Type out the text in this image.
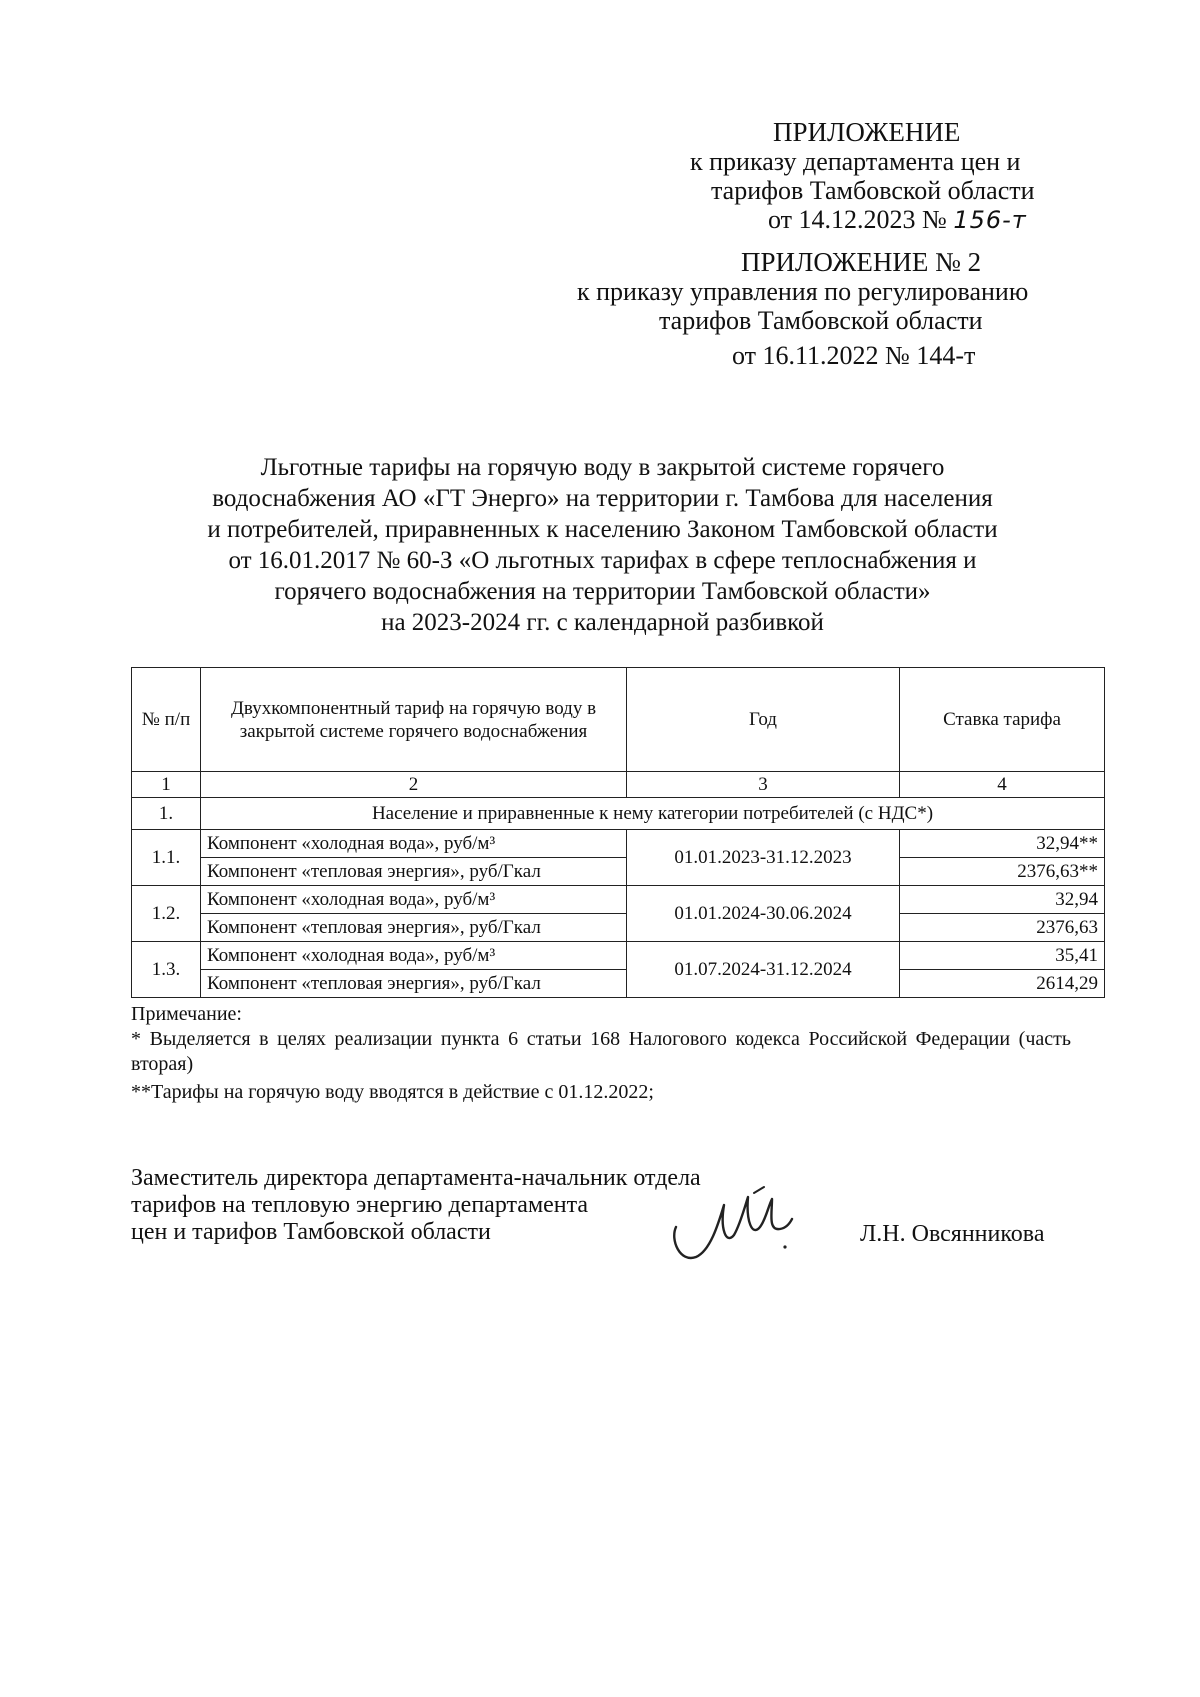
ПРИЛОЖЕНИЕ
к приказу департамента цен и
тарифов Тамбовской области
от 14.12.2023 № 156-т
ПРИЛОЖЕНИЕ № 2
к приказу управления по регулированию
тарифов Тамбовской области
от 16.11.2022 № 144-т
Льготные тарифы на горячую воду в закрытой системе горячего
водоснабжения АО «ГТ Энерго» на территории г. Тамбова для населения
и потребителей, приравненных к населению Законом Тамбовской области
от 16.01.2017 № 60-З «О льготных тарифах в сфере теплоснабжения и
горячего водоснабжения на территории Тамбовской области»
на 2023-2024 гг. с календарной разбивкой
№ п/п	Двухкомпонентный тариф на горячую воду в закрытой системе горячего водоснабжения	Год	Ставка тарифа
1	2	3	4
1.	Население и приравненные к нему категории потребителей (с НДС*)		
1.1.	Компонент «холодная вода», руб/м³	01.01.2023-31.12.2023	32,94**
	Компонент «тепловая энергия», руб/Гкал		2376,63**
1.2.	Компонент «холодная вода», руб/м³	01.01.2024-30.06.2024	32,94
	Компонент «тепловая энергия», руб/Гкал		2376,63
1.3.	Компонент «холодная вода», руб/м³	01.07.2024-31.12.2024	35,41
	Компонент «тепловая энергия», руб/Гкал		2614,29
Примечание:
* Выделяется в целях реализации пункта 6 статьи 168 Налогового кодекса Российской Федерации (часть вторая)
**Тарифы на горячую воду вводятся в действие с 01.12.2022;
Заместитель директора департамента-начальник отдела
тарифов на тепловую энергию департамента
цен и тарифов Тамбовской области	Л.Н. Овсянникова
